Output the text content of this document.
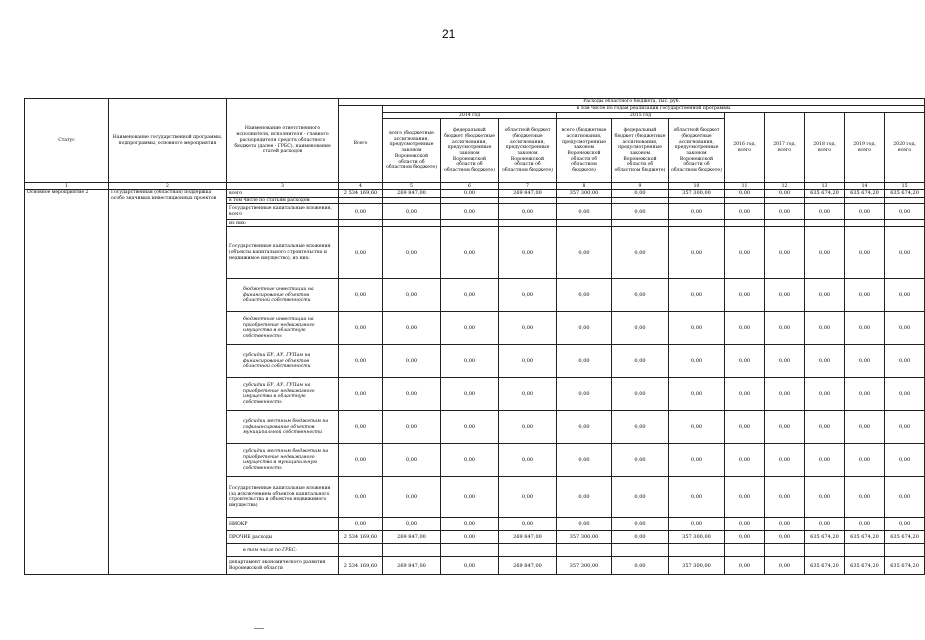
21
Статус	Наименование государственной программы, подпрограммы, основного мероприятия	Наименование ответственного исполнителя, исполнителя - главного распорядителя средств областного бюджета (далее - ГРБС), наименование статей расходов	Расходы областного бюджета, тыс. руб.											
			Всего	в том числе по годам реализации государственной программы										
				2014 год			2015 год			2016 год, всего	2017 год, всего	2018 год, всего	2019 год, всего	2020 год, всего
				всего (бюджетные ассигнования, предусмотренные законом Воронежской области об областном бюджете)	федеральный бюджет (бюджетные ассигнования, предусмотренные законом Воронежской области об областном бюджете)	областной бюджет (бюджетные ассигнования, предусмотренные законом Воронежской области об областном бюджете)	всего (бюджетные ассигнования, предусмотренные законом Воронежской области об областном бюджете)	федеральный бюджет (бюджетные ассигнования, предусмотренные законом Воронежской области об областном бюджете)	областной бюджет (бюджетные ассигнования, предусмотренные законом Воронежской области об областном бюджете)					
1	2	3	4	5	6	7	8	9	10	11	12	13	14	15
Основное мероприятие 2	Государственная (областная) поддержка особо значимых инвестиционных проектов	всего	2 534 169,60	269 847,00	0,00	269 847,00	357 300,00	0,00	357 300,00	0,00	0,00	635 674,20	635 674,20	635 674,20
		в том числе по статьям расходов:												
		Государственные капитальные вложения, всего	0,00	0,00	0,00	0,00	0,00	0,00	0,00	0,00	0,00	0,00	0,00	0,00
		из них:												
		Государственные капитальные вложения (объекты капитального строительства и недвижимое имущество), из них:	0,00	0,00	0,00	0,00	0,00	0,00	0,00	0,00	0,00	0,00	0,00	0,00
		бюджетные инвестиции на финансирование объектов областной собственности	0,00	0,00	0,00	0,00	0,00	0,00	0,00	0,00	0,00	0,00	0,00	0,00
		бюджетные инвестиции на приобретение недвижимого имущества в областную собственность	0,00	0,00	0,00	0,00	0,00	0,00	0,00	0,00	0,00	0,00	0,00	0,00
		субсидии БУ, АУ, ГУПам на финансирование объектов областной собственности	0,00	0,00	0,00	0,00	0,00	0,00	0,00	0,00	0,00	0,00	0,00	0,00
		субсидии БУ, АУ, ГУПам на приобретение недвижимого имущества в областную собственность	0,00	0,00	0,00	0,00	0,00	0,00	0,00	0,00	0,00	0,00	0,00	0,00
		субсидии местным бюджетам на софинансирование объектов муниципальной собственности	0,00	0,00	0,00	0,00	0,00	0,00	0,00	0,00	0,00	0,00	0,00	0,00
		субсидии местным бюджетам на приобретение недвижимого имущества в муниципальную собственность	0,00	0,00	0,00	0,00	0,00	0,00	0,00	0,00	0,00	0,00	0,00	0,00
		Государственные капитальные вложения (за исключением объектов капитального строительства и объектов недвижимого имущества)	0,00	0,00	0,00	0,00	0,00	0,00	0,00	0,00	0,00	0,00	0,00	0,00
		НИОКР	0,00	0,00	0,00	0,00	0,00	0,00	0,00	0,00	0,00	0,00	0,00	0,00
		ПРОЧИЕ расходы	2 534 169,60	269 847,00	0,00	269 847,00	357 300,00	0,00	357 300,00	0,00	0,00	635 674,20	635 674,20	635 674,20
		в том числе по ГРБС:												
		департамент экономического развития Воронежской области	2 534 169,60	269 847,00	0,00	269 847,00	357 300,00	0,00	357 300,00	0,00	0,00	635 674,20	635 674,20	635 674,20
